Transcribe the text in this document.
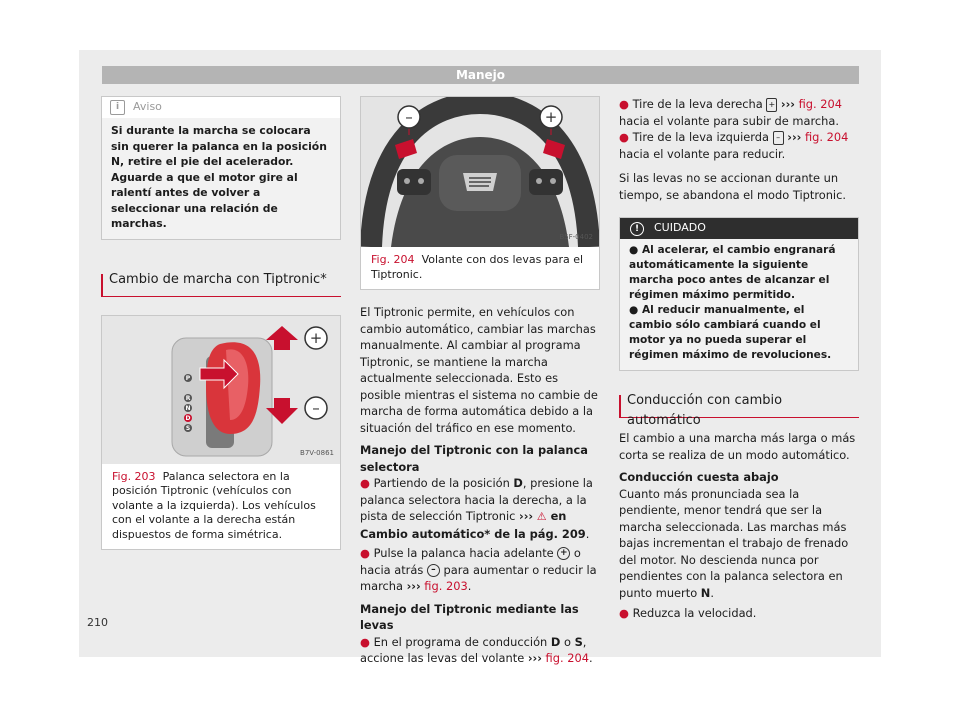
Manejo
i	Aviso
Si durante la marcha se colocara sin querer la palanca en la posición N, retire el pie del acelerador. Aguarde a que el motor gire al ralentí antes de volver a seleccionar una relación de marchas.
Cambio de marcha con Tiptronic*
P
R
N
D
S
+
–
B7V-0861
Fig. 203 Palanca selectora en la posición Tiptronic (vehículos con volante a la izquierda). Los vehículos con el volante a la derecha están dispuestos de forma simétrica.
–	+
B5F-0402
Fig. 204 Volante con dos levas para el Tiptronic.

El Tiptronic permite, en vehículos con cambio automático, cambiar las marchas manualmente. Al cambiar al programa Tiptronic, se mantiene la marcha actualmente seleccionada. Esto es posible mientras el sistema no cambie de marcha de forma automática debido a la situación del tráfico en ese momento.

Manejo del Tiptronic con la palanca selectora

● Partiendo de la posición D, presione la palanca selectora hacia la derecha, a la pista de selección Tiptronic ››› ⚠ en Cambio automático* de la pág. 209.

● Pulse la palanca hacia adelante + o hacia atrás – para aumentar o reducir la marcha ››› fig. 203.

Manejo del Tiptronic mediante las levas

● En el programa de conducción D o S, accione las levas del volante ››› fig. 204.

● Tire de la leva derecha + ››› fig. 204 hacia el volante para subir de marcha.

● Tire de la leva izquierda – ››› fig. 204 hacia el volante para reducir.

Si las levas no se accionan durante un tiempo, se abandona el modo Tiptronic.

!	CUIDADO

● Al acelerar, el cambio engranará automáticamente la siguiente marcha poco antes de alcanzar el régimen máximo permitido.

● Al reducir manualmente, el cambio sólo cambiará cuando el motor ya no pueda superar el régimen máximo de revoluciones.

Conducción con cambio automático

El cambio a una marcha más larga o más corta se realiza de un modo automático.

Conducción cuesta abajo

Cuanto más pronunciada sea la pendiente, menor tendrá que ser la marcha seleccionada. Las marchas más bajas incrementan el trabajo de frenado del motor. No descienda nunca por pendientes con la palanca selectora en punto muerto N.

● Reduzca la velocidad.

210
